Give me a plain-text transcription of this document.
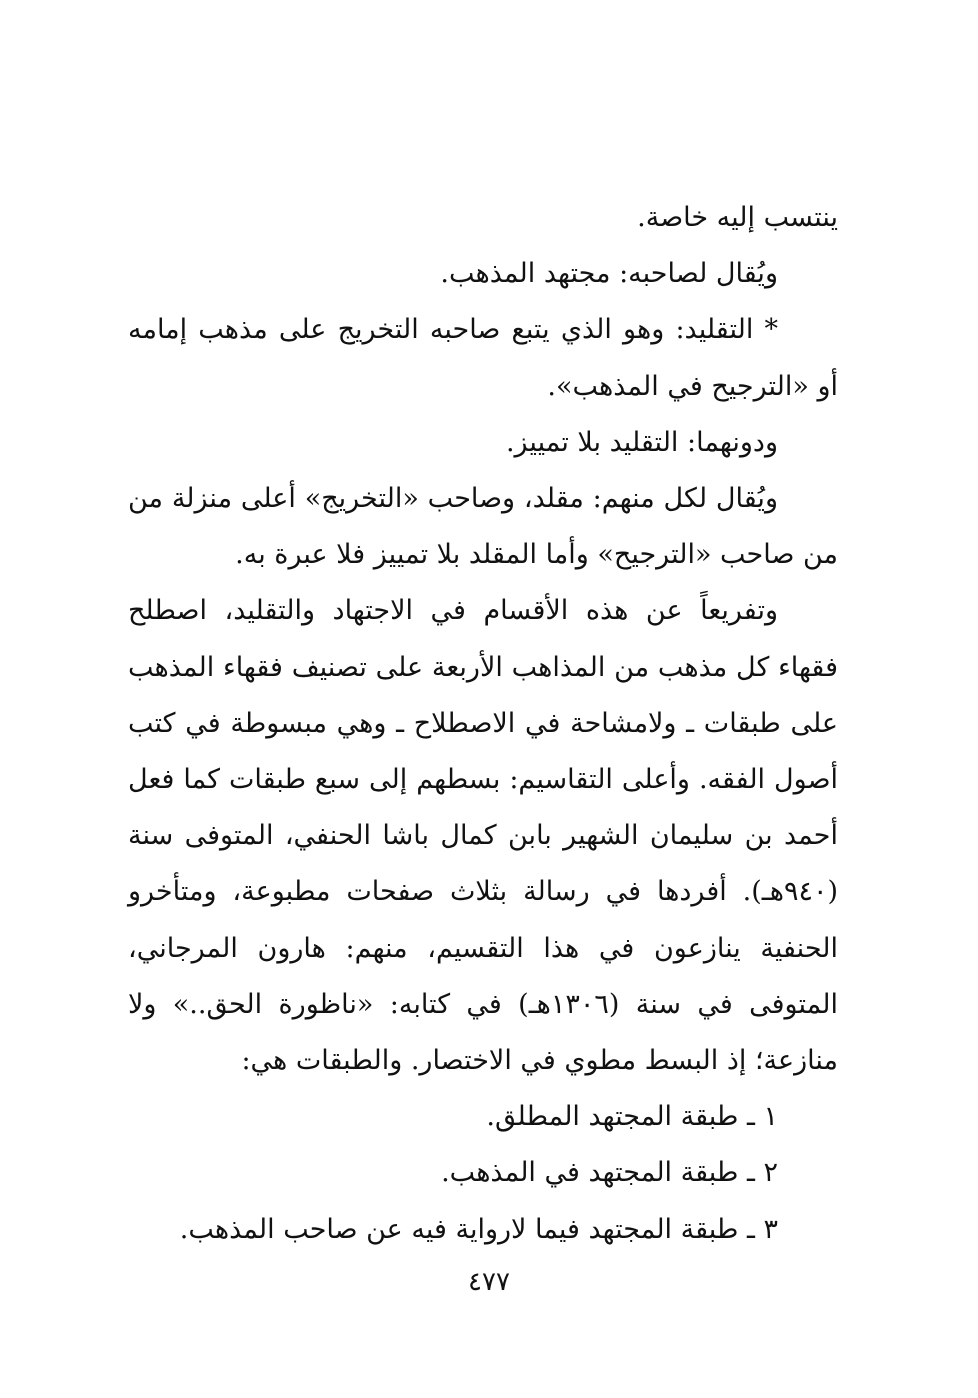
ينتسب إليه خاصة.

ويُقال لصاحبه: مجتهد المذهب.

* التقليد: وهو الذي يتبع صاحبه التخريج على مذهب إمامه أو «الترجيح في المذهب».

ودونهما: التقليد بلا تمييز.

ويُقال لكل منهم: مقلد، وصاحب «التخريج» أعلى منزلة من من صاحب «الترجيح» وأما المقلد بلا تمييز فلا عبرة به.

وتفريعاً عن هذه الأقسام في الاجتهاد والتقليد، اصطلح فقهاء كل مذهب من المذاهب الأربعة على تصنيف فقهاء المذهب على طبقات ـ ولامشاحة في الاصطلاح ـ وهي مبسوطة في كتب أصول الفقه. وأعلى التقاسيم: بسطهم إلى سبع طبقات كما فعل أحمد بن سليمان الشهير بابن كمال باشا الحنفي، المتوفى سنة (٩٤٠هـ). أفردها في رسالة بثلاث صفحات مطبوعة، ومتأخرو الحنفية ينازعون في هذا التقسيم، منهم: هارون المرجاني، المتوفى في سنة (١٣٠٦هـ) في كتابه: «ناظورة الحق..» ولا منازعة؛ إذ البسط مطوي في الاختصار. والطبقات هي:

١ ـ طبقة المجتهد المطلق.

٢ ـ طبقة المجتهد في المذهب.

٣ ـ طبقة المجتهد فيما لارواية فيه عن صاحب المذهب.

٤٧٧
